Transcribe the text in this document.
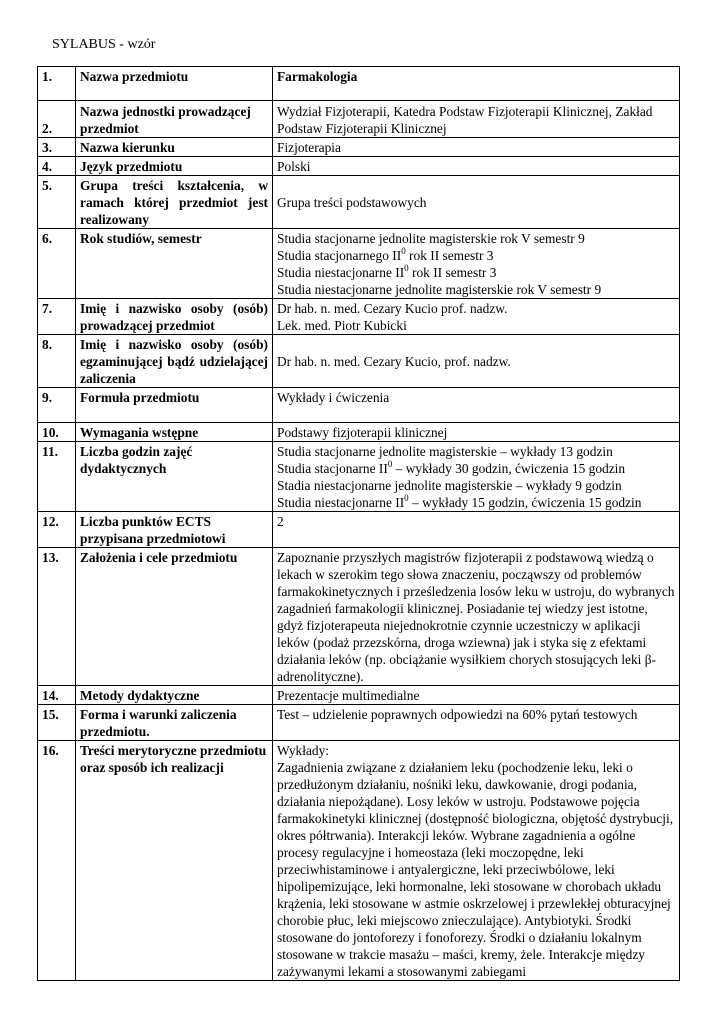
SYLABUS - wzór
1.	Nazwa przedmiotu	Farmakologia
2.	Nazwa jednostki prowadzącej przedmiot	Wydział Fizjoterapii, Katedra Podstaw Fizjoterapii Klinicznej, Zakład Podstaw Fizjoterapii Klinicznej
3.	Nazwa kierunku	Fizjoterapia
4.	Język przedmiotu	Polski
5.	Grupa treści kształcenia, w ramach której przedmiot jest realizowany	Grupa treści podstawowych
6.	Rok studiów, semestr	Studia stacjonarne jednolite magisterskie rok V semestr 9
Studia stacjonarnego $II^0$ rok II semestr 3
Studia niestacjonarne $II^0$ rok II semestr 3
Studia niestacjonarne jednolite magisterskie rok V semestr 9

7.	Imię i nazwisko osoby (osób) prowadzącej przedmiot	Dr hab. n. med. Cezary Kucio prof. nadzw.
Lek. med. Piotr Kubicki

8.	Imię i nazwisko osoby (osób) egzaminującej bądź udzielającej zaliczenia	Dr hab. n. med. Cezary Kucio, prof. nadzw.
9.	Formuła przedmiotu	Wykłady i ćwiczenia
10.	Wymagania wstępne	Podstawy fizjoterapii klinicznej
11.	Liczba godzin zajęć dydaktycznych	Studia stacjonarne jednolite magisterskie – wykłady 13 godzin
Studia stacjonarne $II^0$ – wykłady 30 godzin, ćwiczenia 15 godzin
Stadia niestacjonarne jednolite magisterskie – wykłady 9 godzin
Studia niestacjonarne $II^0$ – wykłady 15 godzin, ćwiczenia 15 godzin

12.	Liczba punktów ECTS przypisana przedmiotowi	2
13.	Założenia i cele przedmiotu	Zapoznanie przyszłych magistrów fizjoterapii z podstawową wiedzą o lekach w szerokim tego słowa znaczeniu, począwszy od problemów farmakokinetycznych i prześledzenia losów leku w ustroju, do wybranych zagadnień farmakologii klinicznej. Posiadanie tej wiedzy jest istotne, gdyż fizjoterapeuta niejednokrotnie czynnie uczestniczy w aplikacji leków (podaż przezskórna, droga wziewna) jak i styka się z efektami działania leków (np. obciążanie wysiłkiem chorych stosujących leki β-adrenolityczne).
14.	Metody dydaktyczne	Prezentacje multimedialne
15.	Forma i warunki zaliczenia przedmiotu.	Test – udzielenie poprawnych odpowiedzi na 60% pytań testowych
16.	Treści merytoryczne przedmiotu oraz sposób ich realizacji	Wykłady:
Zagadnienia związane z działaniem leku (pochodzenie leku, leki o przedłużonym działaniu, nośniki leku, dawkowanie, drogi podania, działania niepożądane). Losy leków w ustroju. Podstawowe pojęcia farmakokinetyki klinicznej (dostępność biologiczna, objętość dystrybucji, okres półtrwania). Interakcji leków. Wybrane zagadnienia a ogólne procesy regulacyjne i homeostaza (leki moczopędne, leki przeciwhistaminowe i antyalergiczne, leki przeciwbólowe, leki hipolipemizujące, leki hormonalne, leki stosowane w chorobach układu krążenia, leki stosowane w astmie oskrzelowej i przewlekłej obturacyjnej chorobie płuc, leki miejscowo znieczulające). Antybiotyki. Środki stosowane do jontoforezy i fonoforezy. Środki o działaniu lokalnym stosowane w trakcie masażu – maści, kremy, żele. Interakcje między zażywanymi lekami a stosowanymi zabiegami
